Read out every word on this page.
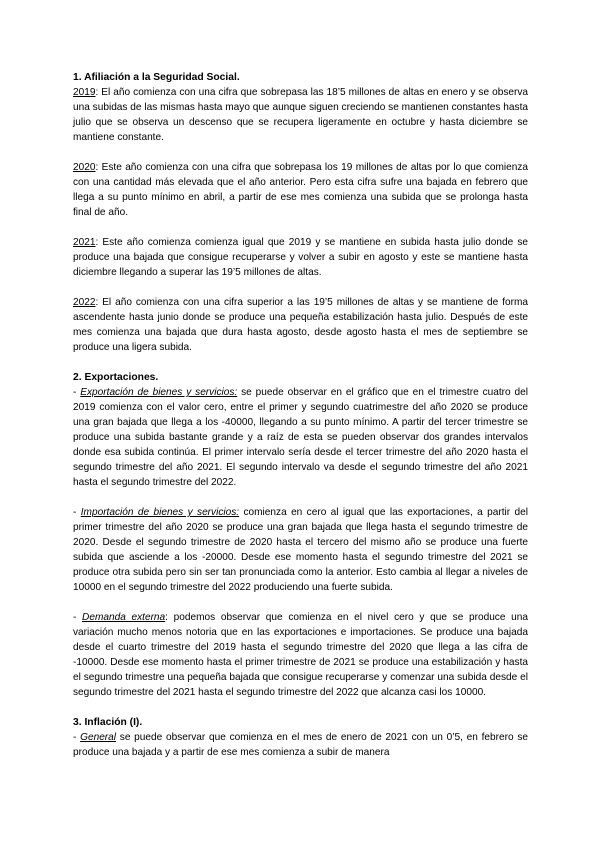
1. Afiliación a la Seguridad Social.

2019: El año comienza con una cifra que sobrepasa las 18’5 millones de altas en enero y se observa una subidas de las mismas hasta mayo que aunque siguen creciendo se mantienen constantes hasta julio que se observa un descenso que se recupera ligeramente en octubre y hasta diciembre se mantiene constante.

2020: Este año comienza con una cifra que sobrepasa los 19 millones de altas por lo que comienza con una cantidad más elevada que el año anterior. Pero esta cifra sufre una bajada en febrero que llega a su punto mínimo en abril, a partir de ese mes comienza una subida que se prolonga hasta final de año.

2021: Este año comienza comienza igual que 2019 y se mantiene en subida hasta julio donde se produce una bajada que consigue recuperarse y volver a subir en agosto y este se mantiene hasta diciembre llegando a superar las 19’5 millones de altas.

2022: El año comienza con una cifra superior a las 19’5 millones de altas y se mantiene de forma ascendente hasta junio donde se produce una pequeña estabilización hasta julio. Después de este mes comienza una bajada que dura hasta agosto, desde agosto hasta el mes de septiembre se produce una ligera subida.

2. Exportaciones.

- Exportación de bienes y servicios: se puede observar en el gráfico que en el trimestre cuatro del 2019 comienza con el valor cero, entre el primer y segundo cuatrimestre del año 2020 se produce una gran bajada que llega a los -40000, llegando a su punto mínimo. A partir del tercer trimestre se produce una subida bastante grande y a raíz de esta se pueden observar dos grandes intervalos donde esa subida continúa. El primer intervalo sería desde el tercer trimestre del año 2020 hasta el segundo trimestre del año 2021. El segundo intervalo va desde el segundo trimestre del año 2021 hasta el segundo trimestre del 2022.

- Importación de bienes y servicios: comienza en cero al igual que las exportaciones, a partir del primer trimestre del año 2020 se produce una gran bajada que llega hasta el segundo trimestre de 2020. Desde el segundo trimestre de 2020 hasta el tercero del mismo año se produce una fuerte subida que asciende a los -20000. Desde ese momento hasta el segundo trimestre del 2021 se produce otra subida pero sin ser tan pronunciada como la anterior. Esto cambia al llegar a niveles de 10000 en el segundo trimestre del 2022 produciendo una fuerte subida.

- Demanda externa: podemos observar que comienza en el nivel cero y que se produce una variación mucho menos notoria que en las exportaciones e importaciones. Se produce una bajada desde el cuarto trimestre del 2019 hasta el segundo trimestre del 2020 que llega a las cifra de -10000. Desde ese momento hasta el primer trimestre de 2021 se produce una estabilización y hasta el segundo trimestre una pequeña bajada que consigue recuperarse y comenzar una subida desde el segundo trimestre del 2021 hasta el segundo trimestre del 2022 que alcanza casi los 10000.

3. Inflación (I).

- General se puede observar que comienza en el mes de enero de 2021 con un 0’5, en febrero se produce una bajada y a partir de ese mes comienza a subir de manera
